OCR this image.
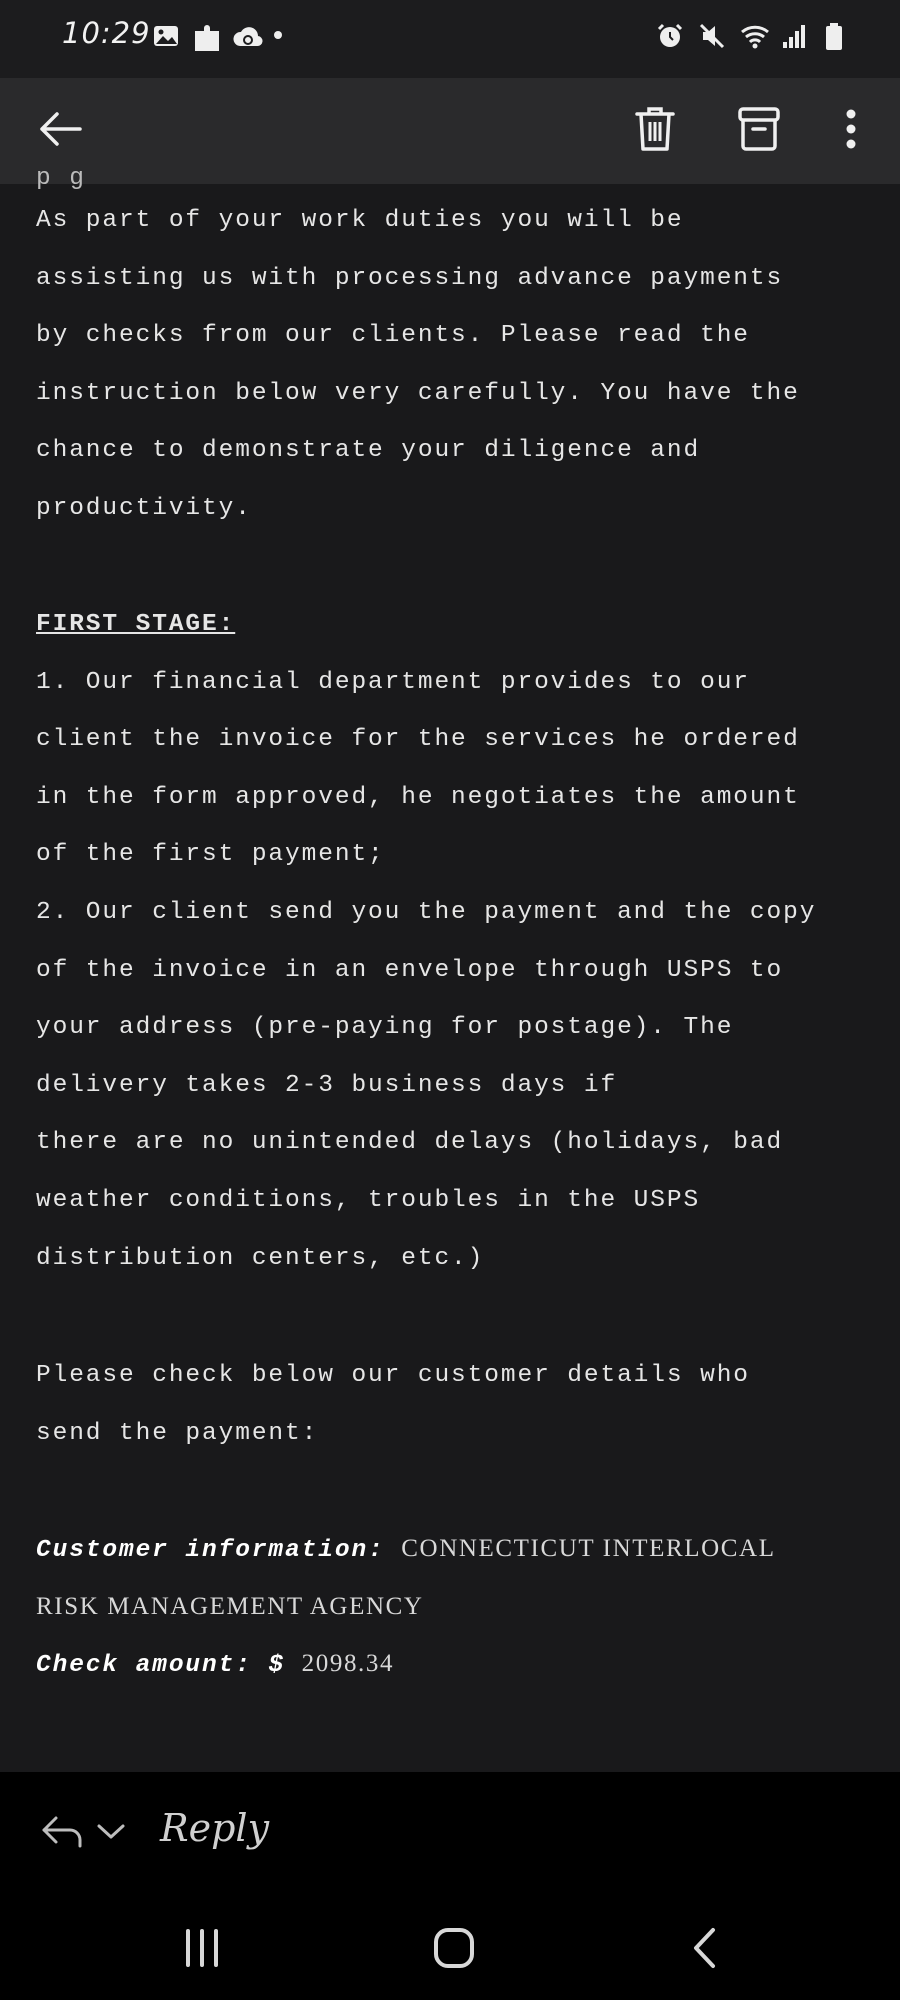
10:29
p g
As part of your work duties you will be
assisting us with processing advance payments
by checks from our clients. Please read the
instruction below very carefully. You have the
chance to demonstrate your diligence and
productivity.
FIRST STAGE:
1. Our financial department provides to our
client the invoice for the services he ordered
in the form approved, he negotiates the amount
of the first payment;
2. Our client send you the payment and the copy
of the invoice in an envelope through USPS to
your address (pre-paying for postage). The
delivery takes 2-3 business days if
there are no unintended delays (holidays, bad
weather conditions, troubles in the USPS
distribution centers, etc.)
Please check below our customer details who
send the payment:
Customer information: CONNECTICUT INTERLOCAL
RISK MANAGEMENT AGENCY
Check amount: $ 2098.34
Reply
